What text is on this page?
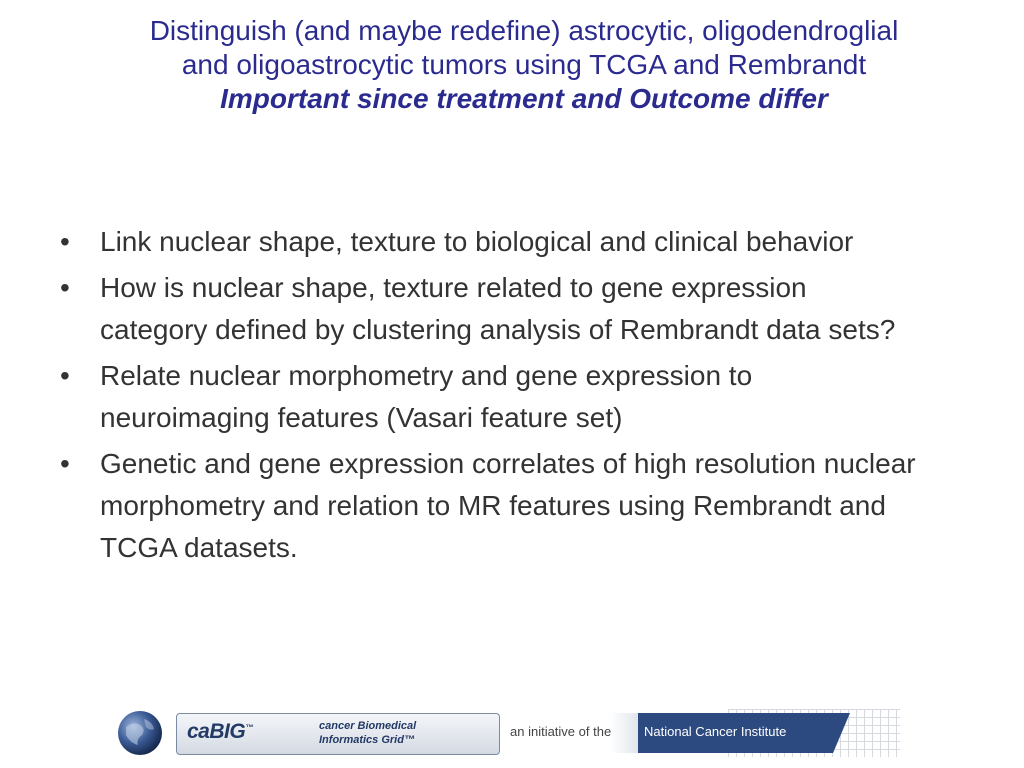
Distinguish (and maybe redefine) astrocytic, oligodendroglial
and oligoastrocytic tumors using TCGA and Rembrandt
Important since treatment and Outcome differ
• Link nuclear shape, texture to biological and clinical behavior
• How is nuclear shape, texture related to gene expression category defined by clustering analysis of Rembrandt data sets?
• Relate nuclear morphometry and gene expression to neuroimaging features (Vasari feature set)
• Genetic and gene expression correlates of high resolution nuclear morphometry and relation to MR features using Rembrandt and TCGA datasets.
caBIG™	cancer Biomedical
Informatics Grid™
an initiative of the	National Cancer Institute
